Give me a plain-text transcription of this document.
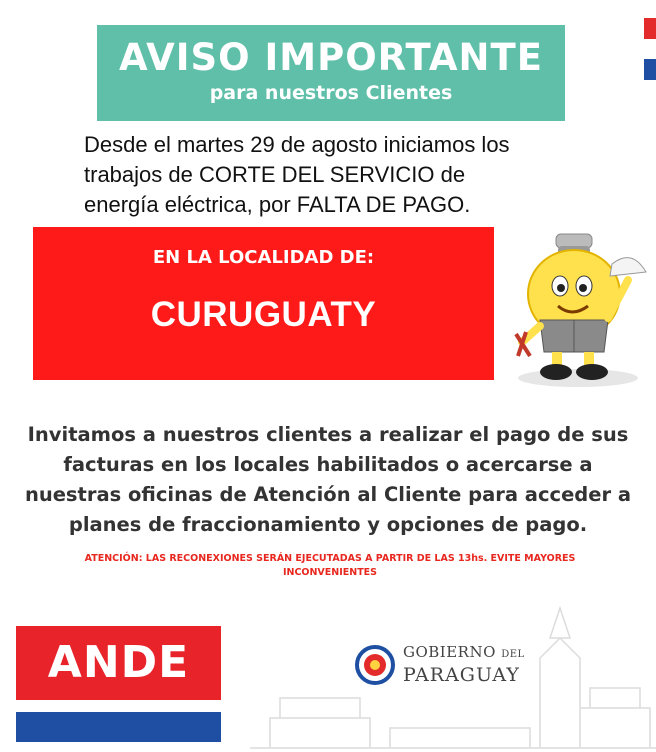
AVISO IMPORTANTE
para nuestros Clientes
Desde el martes 29 de agosto iniciamos los
trabajos de CORTE DEL SERVICIO de
energía eléctrica, por FALTA DE PAGO.
EN LA LOCALIDAD DE:
CURUGUATY
Invitamos a nuestros clientes a realizar el pago de sus
facturas en los locales habilitados o acercarse a
nuestras oficinas de Atención al Cliente para acceder a
planes de fraccionamiento y opciones de pago.
ATENCIÓN: LAS RECONEXIONES SERÁN EJECUTADAS A PARTIR DE LAS 13hs. EVITE MAYORES
INCONVENIENTES
ANDE	GOBIERNO DEL
PARAGUAY
